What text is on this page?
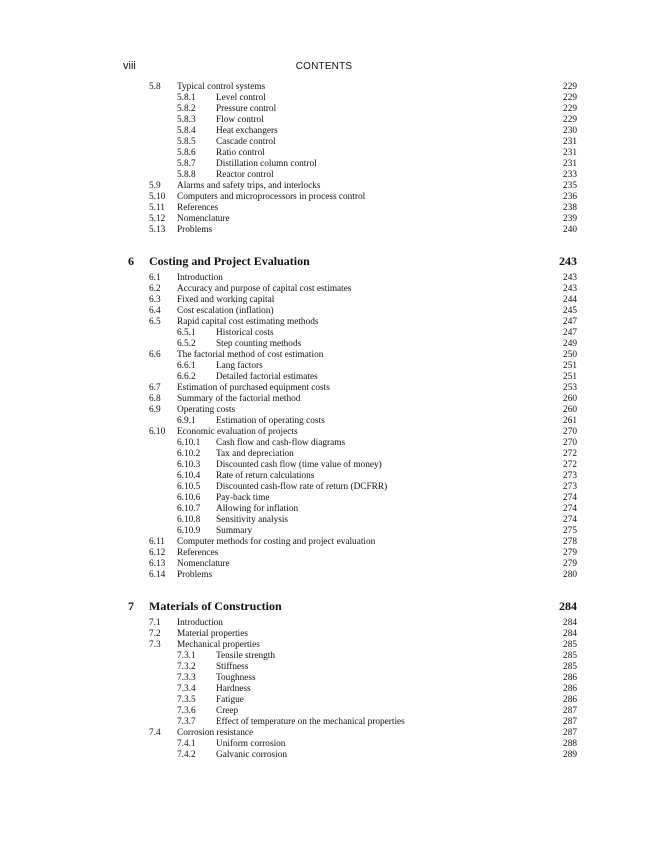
viii	CONTENTS
5.8 Typical control systems	229
5.8.1 Level control	229
5.8.2 Pressure control	229
5.8.3 Flow control	229
5.8.4 Heat exchangers	230
5.8.5 Cascade control	231
5.8.6 Ratio control	231
5.8.7 Distillation column control	231
5.8.8 Reactor control	233
5.9 Alarms and safety trips, and interlocks	235
5.10 Computers and microprocessors in process control	236
5.11 References	238
5.12 Nomenclature	239
5.13 Problems	240
6 Costing and Project Evaluation	243
6.1 Introduction	243
6.2 Accuracy and purpose of capital cost estimates	243
6.3 Fixed and working capital	244
6.4 Cost escalation (inflation)	245
6.5 Rapid capital cost estimating methods	247
6.5.1 Historical costs	247
6.5.2 Step counting methods	249
6.6 The factorial method of cost estimation	250
6.6.1 Lang factors	251
6.6.2 Detailed factorial estimates	251
6.7 Estimation of purchased equipment costs	253
6.8 Summary of the factorial method	260
6.9 Operating costs	260
6.9.1 Estimation of operating costs	261
6.10 Economic evaluation of projects	270
6.10.1 Cash flow and cash-flow diagrams	270
6.10.2 Tax and depreciation	272
6.10.3 Discounted cash flow (time value of money)	272
6.10.4 Rate of return calculations	273
6.10.5 Discounted cash-flow rate of return (DCFRR)	273
6.10.6 Pay-back time	274
6.10.7 Allowing for inflation	274
6.10.8 Sensitivity analysis	274
6.10.9 Summary	275
6.11 Computer methods for costing and project evaluation	278
6.12 References	279
6.13 Nomenclature	279
6.14 Problems	280
7 Materials of Construction	284
7.1 Introduction	284
7.2 Material properties	284
7.3 Mechanical properties	285
7.3.1 Tensile strength	285
7.3.2 Stiffness	285
7.3.3 Toughness	286
7.3.4 Hardness	286
7.3.5 Fatigue	286
7.3.6 Creep	287
7.3.7 Effect of temperature on the mechanical properties	287
7.4 Corrosion resistance	287
7.4.1 Uniform corrosion	288
7.4.2 Galvanic corrosion	289
